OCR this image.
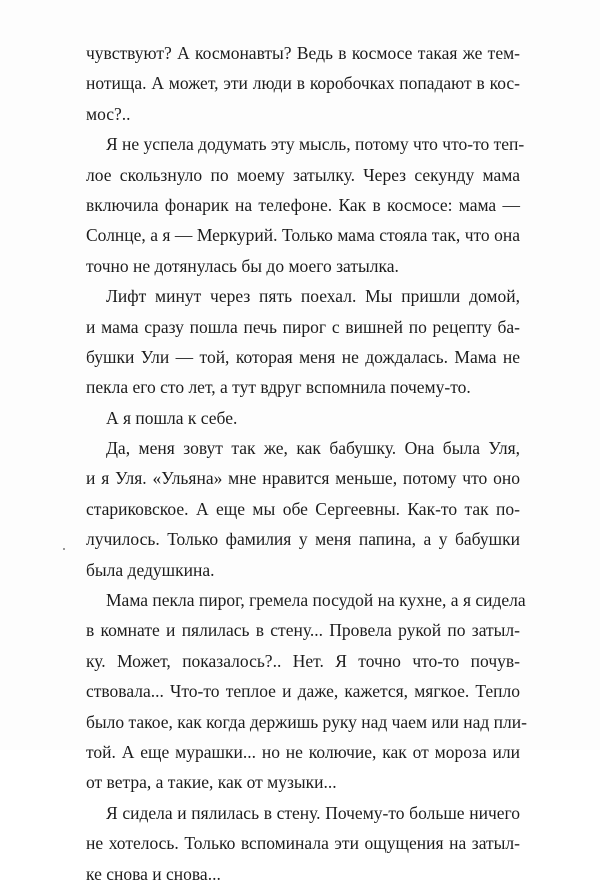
чувствуют? А космонавты? Ведь в космосе такая же тем-
нотища. А может, эти люди в коробочках попадают в кос-
мос?..
Я не успела додумать эту мысль, потому что что-то теп-
лое скользнуло по моему затылку. Через секунду мама
включила фонарик на телефоне. Как в космосе: мама —
Солнце, а я — Меркурий. Только мама стояла так, что она
точно не дотянулась бы до моего затылка.
Лифт минут через пять поехал. Мы пришли домой,
и мама сразу пошла печь пирог с вишней по рецепту ба-
бушки Ули — той, которая меня не дождалась. Мама не
пекла его сто лет, а тут вдруг вспомнила почему-то.
А я пошла к себе.
Да, меня зовут так же, как бабушку. Она была Уля,
и я Уля. «Ульяна» мне нравится меньше, потому что оно
стариковское. А еще мы обе Сергеевны. Как-то так по-
лучилось. Только фамилия у меня папина, а у бабушки
была дедушкина.
Мама пекла пирог, гремела посудой на кухне, а я сидела
в комнате и пялилась в стену... Провела рукой по затыл-
ку. Может, показалось?.. Нет. Я точно что-то почув-
ствовала... Что-то теплое и даже, кажется, мягкое. Тепло
было такое, как когда держишь руку над чаем или над пли-
той. А еще мурашки... но не колючие, как от мороза или
от ветра, а такие, как от музыки...
Я сидела и пялилась в стену. Почему-то больше ничего
не хотелось. Только вспоминала эти ощущения на затыл-
ке снова и снова...
